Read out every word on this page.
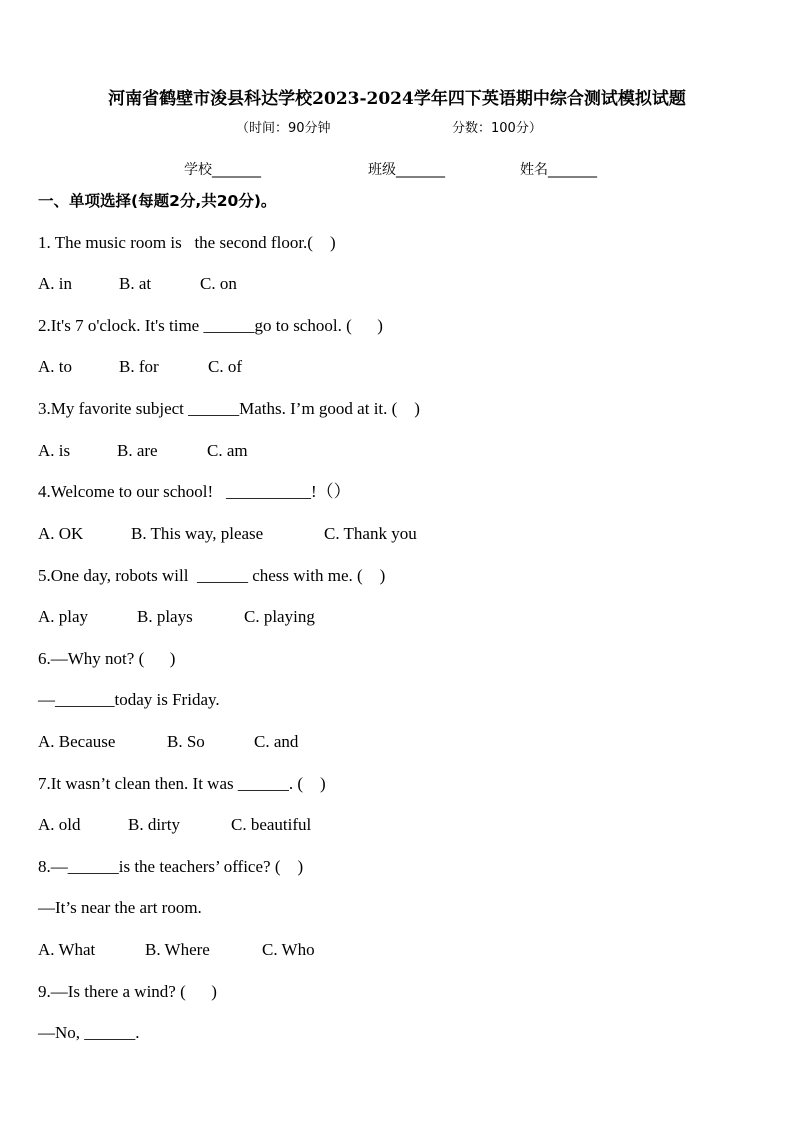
河南省鹤壁市浚县科达学校2023-2024学年四下英语期中综合测试模拟试题
（时间：90分钟	分数：100分）
学校_______	班级_______	姓名_______
一、单项选择(每题2分,共20分)。
1. The music room is   the second floor.(    )
A. in	B. at	C. on
2.It's 7 o'clock. It's time ______go to school. (      )
A. to	B. for	C. of
3.My favorite subject ______Maths. I’m good at it. (    )
A. is	B. are	C. am
4.Welcome to our school!   __________!（）
A. OK	B. This way, please	C. Thank you
5.One day, robots will  ______ chess with me. (    )
A. play	B. plays	C. playing
6.—Why not? (      )
—_______today is Friday.
A. Because	B. So	C. and
7.It wasn’t clean then. It was ______. (    )
A. old	B. dirty	C. beautiful
8.—______is the teachers’ office? (    )
—It’s near the art room.
A. What	B. Where	C. Who
9.—Is there a wind? (      )
—No, ______.
